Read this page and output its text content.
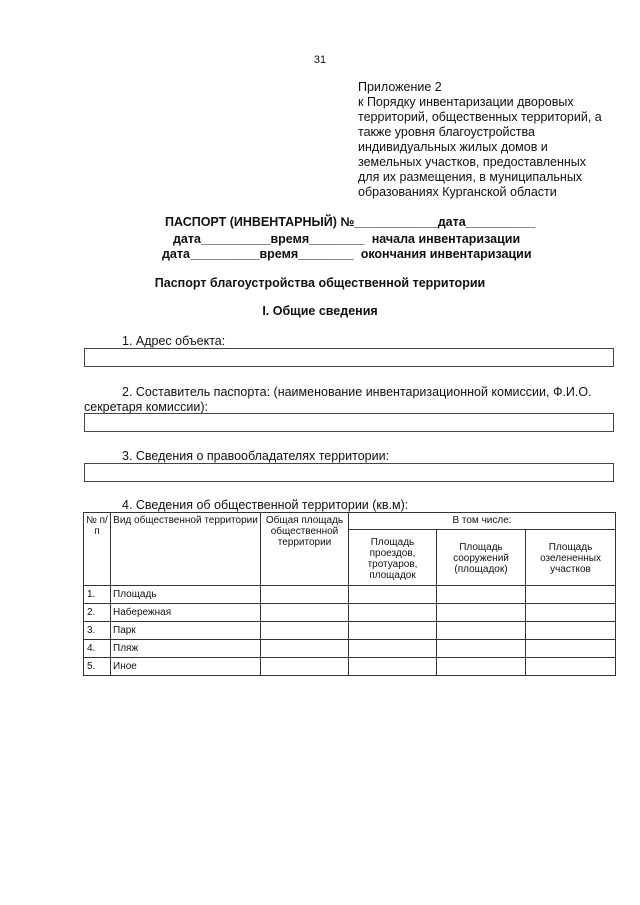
31
Приложение 2
к Порядку инвентаризации дворовых
территорий, общественных территорий, а
также уровня благоустройства
индивидуальных жилых домов и
земельных участков, предоставленных
для их размещения, в муниципальных
образованиях Курганской области
ПАСПОРТ (ИНВЕНТАРНЫЙ) №____________дата__________
дата__________время________  начала инвентаризации
дата__________время________  окончания инвентаризации
Паспорт благоустройства общественной территории
I. Общие сведения
1. Адрес объекта:
2. Составитель паспорта: (наименование инвентаризационной комиссии, Ф.И.О.
секретаря комиссии):
3. Сведения о правообладателях территории:
4. Сведения об общественной территории (кв.м):
№ п/п	Вид общественной территории	Общая площадь общественной территории	В том числе:		
			Площадь проездов, тротуаров, площадок	Площадь сооружений (площадок)	Площадь озелененных участков
1.	Площадь				
2.	Набережная				
3.	Парк				
4.	Пляж				
5.	Иное				
